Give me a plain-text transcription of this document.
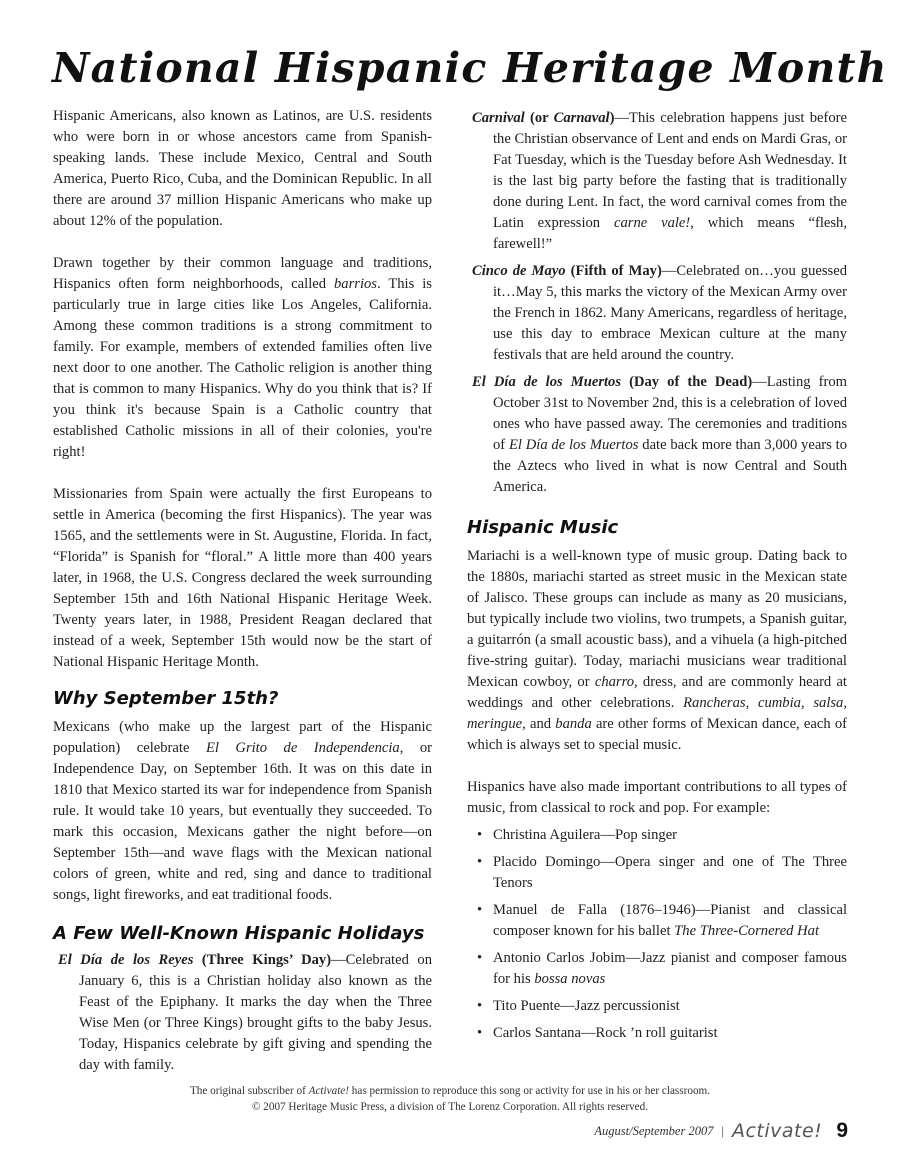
National Hispanic Heritage Month

Hispanic Americans, also known as Latinos, are U.S. residents who were born in or whose ancestors came from Spanish-speaking lands. These include Mexico, Central and South America, Puerto Rico, Cuba, and the Dominican Republic. In all there are around 37 million Hispanic Americans who make up about 12% of the population.

Drawn together by their common language and traditions, Hispanics often form neighborhoods, called barrios. This is particularly true in large cities like Los Angeles, California. Among these common traditions is a strong commitment to family. For example, members of extended families often live next door to one another. The Catholic religion is another thing that is common to many Hispanics. Why do you think that is? If you think it's because Spain is a Catholic country that established Catholic missions in all of their colonies, you're right!

Missionaries from Spain were actually the first Europeans to settle in America (becoming the first Hispanics). The year was 1565, and the settlements were in St. Augustine, Florida. In fact, “Florida” is Spanish for “floral.” A little more than 400 years later, in 1968, the U.S. Congress declared the week surrounding September 15th and 16th National Hispanic Heritage Week. Twenty years later, in 1988, President Reagan declared that instead of a week, September 15th would now be the start of National Hispanic Heritage Month.

Why September 15th?

Mexicans (who make up the largest part of the Hispanic population) celebrate El Grito de Independencia, or Independence Day, on September 16th. It was on this date in 1810 that Mexico started its war for independence from Spanish rule. It would take 10 years, but eventually they succeeded. To mark this occasion, Mexicans gather the night before—on September 15th—and wave flags with the Mexican national colors of green, white and red, sing and dance to traditional songs, light fireworks, and eat traditional foods.

A Few Well-Known Hispanic Holidays

El Día de los Reyes (Three Kings’ Day)—Celebrated on January 6, this is a Christian holiday also known as the Feast of the Epiphany. It marks the day when the Three Wise Men (or Three Kings) brought gifts to the baby Jesus. Today, Hispanics celebrate by gift giving and spending the day with family.

Carnival (or Carnaval)—This celebration happens just before the Christian observance of Lent and ends on Mardi Gras, or Fat Tuesday, which is the Tuesday before Ash Wednesday. It is the last big party before the fasting that is traditionally done during Lent. In fact, the word carnival comes from the Latin expression carne vale!, which means “flesh, farewell!”

Cinco de Mayo (Fifth of May)—Celebrated on…you guessed it…May 5, this marks the victory of the Mexican Army over the French in 1862. Many Americans, regardless of heritage, use this day to embrace Mexican culture at the many festivals that are held around the country.

El Día de los Muertos (Day of the Dead)—Lasting from October 31st to November 2nd, this is a celebration of loved ones who have passed away. The ceremonies and traditions of El Día de los Muertos date back more than 3,000 years to the Aztecs who lived in what is now Central and South America.

Hispanic Music

Mariachi is a well-known type of music group. Dating back to the 1880s, mariachi started as street music in the Mexican state of Jalisco. These groups can include as many as 20 musicians, but typically include two violins, two trumpets, a Spanish guitar, a guitarrón (a small acoustic bass), and a vihuela (a high-pitched five-string guitar). Today, mariachi musicians wear traditional Mexican cowboy, or charro, dress, and are commonly heard at weddings and other celebrations. Rancheras, cumbia, salsa, meringue, and banda are other forms of Mexican dance, each of which is always set to special music.

Hispanics have also made important contributions to all types of music, from classical to rock and pop. For example:

• Christina Aguilera—Pop singer
• Placido Domingo—Opera singer and one of The Three Tenors
• Manuel de Falla (1876–1946)—Pianist and classical composer known for his ballet The Three-Cornered Hat
• Antonio Carlos Jobim—Jazz pianist and composer famous for his bossa novas
• Tito Puente—Jazz percussionist
• Carlos Santana—Rock ’n roll guitarist
The original subscriber of Activate! has permission to reproduce this song or activity for use in his or her classroom.
© 2007 Heritage Music Press, a division of The Lorenz Corporation. All rights reserved.
August/September 2007 | Activate! 9
